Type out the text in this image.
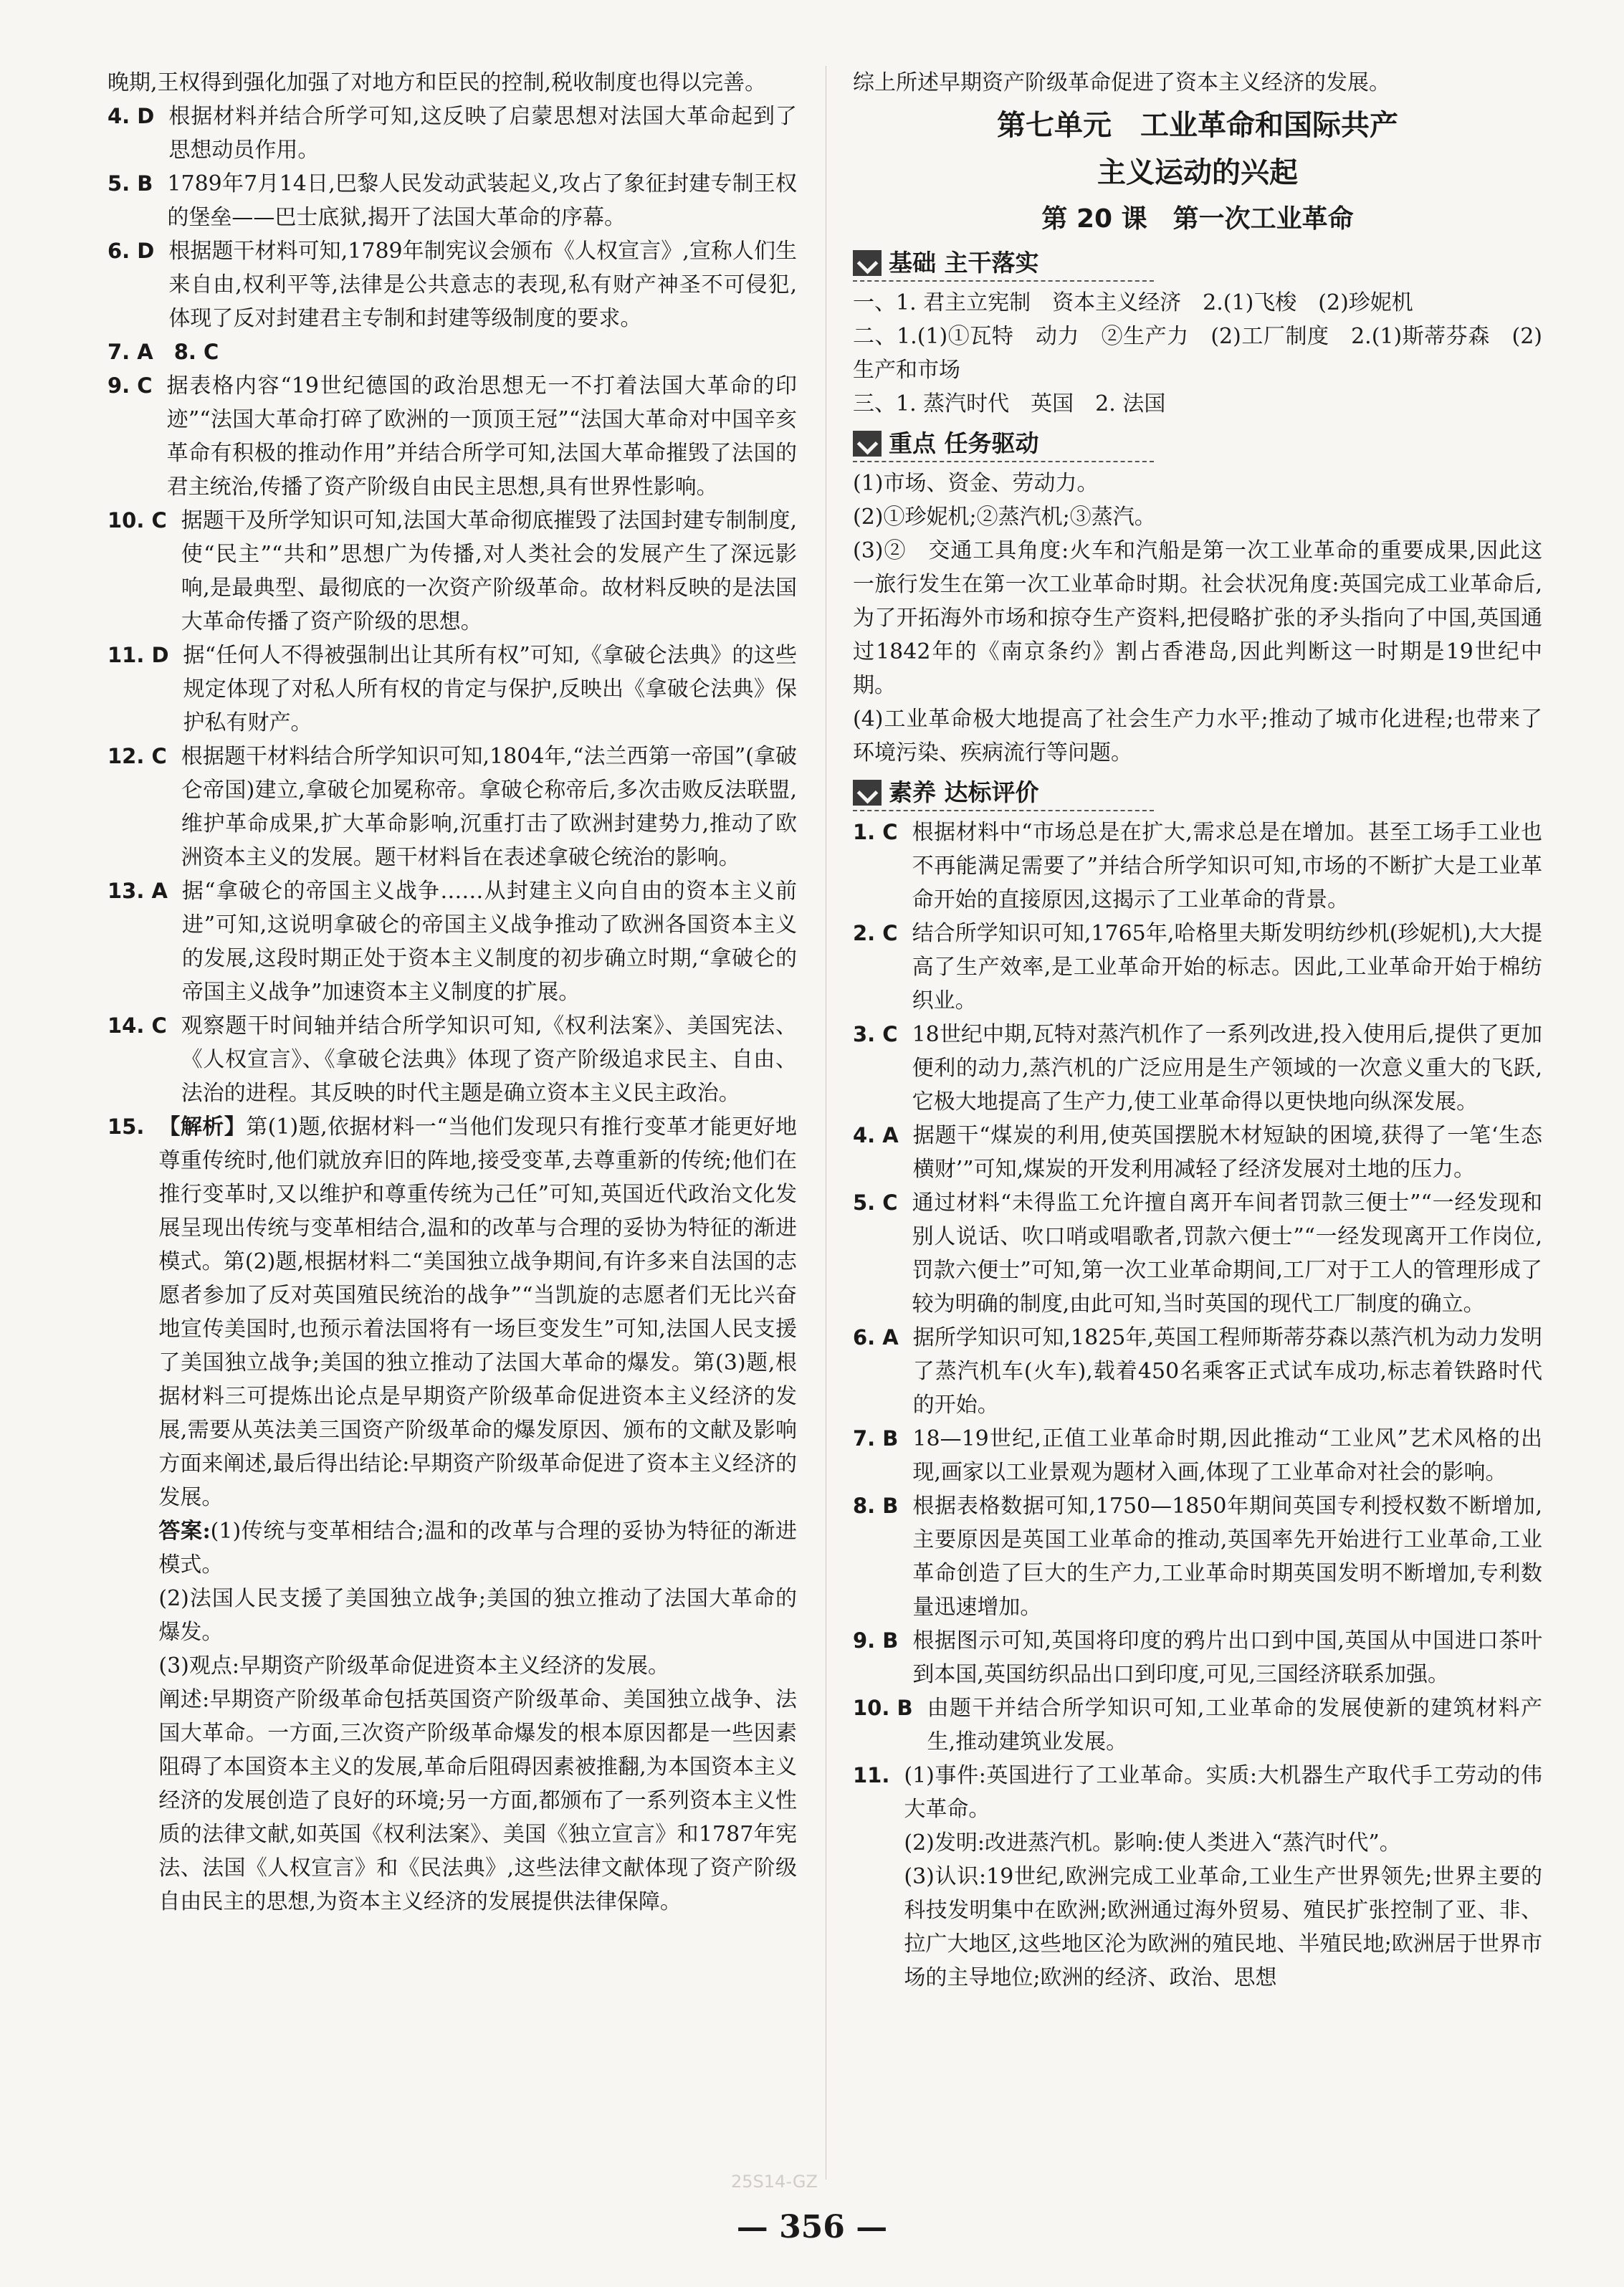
晚期,王权得到强化加强了对地方和臣民的控制,税收制度也得以完善。

4. D 根据材料并结合所学可知,这反映了启蒙思想对法国大革命起到了思想动员作用。
5. B 1789年7月14日,巴黎人民发动武装起义,攻占了象征封建专制王权的堡垒——巴士底狱,揭开了法国大革命的序幕。
6. D 根据题干材料可知,1789年制宪议会颁布《人权宣言》,宣称人们生来自由,权利平等,法律是公共意志的表现,私有财产神圣不可侵犯,体现了反对封建君主专制和封建等级制度的要求。
7. A　8. C
9. C 据表格内容“19世纪德国的政治思想无一不打着法国大革命的印迹”“法国大革命打碎了欧洲的一顶顶王冠”“法国大革命对中国辛亥革命有积极的推动作用”并结合所学可知,法国大革命摧毁了法国的君主统治,传播了资产阶级自由民主思想,具有世界性影响。
10. C 据题干及所学知识可知,法国大革命彻底摧毁了法国封建专制制度,使“民主”“共和”思想广为传播,对人类社会的发展产生了深远影响,是最典型、最彻底的一次资产阶级革命。故材料反映的是法国大革命传播了资产阶级的思想。
11. D 据“任何人不得被强制出让其所有权”可知,《拿破仑法典》的这些规定体现了对私人所有权的肯定与保护,反映出《拿破仑法典》保护私有财产。
12. C 根据题干材料结合所学知识可知,1804年,“法兰西第一帝国”(拿破仑帝国)建立,拿破仑加冕称帝。拿破仑称帝后,多次击败反法联盟,维护革命成果,扩大革命影响,沉重打击了欧洲封建势力,推动了欧洲资本主义的发展。题干材料旨在表述拿破仑统治的影响。
13. A 据“拿破仑的帝国主义战争……从封建主义向自由的资本主义前进”可知,这说明拿破仑的帝国主义战争推动了欧洲各国资本主义的发展,这段时期正处于资本主义制度的初步确立时期,“拿破仑的帝国主义战争”加速资本主义制度的扩展。
14. C 观察题干时间轴并结合所学知识可知,《权利法案》、美国宪法、《人权宣言》、《拿破仑法典》体现了资产阶级追求民主、自由、法治的进程。其反映的时代主题是确立资本主义民主政治。
15. 【解析】第(1)题,依据材料一“当他们发现只有推行变革才能更好地尊重传统时,他们就放弃旧的阵地,接受变革,去尊重新的传统;他们在推行变革时,又以维护和尊重传统为己任”可知,英国近代政治文化发展呈现出传统与变革相结合,温和的改革与合理的妥协为特征的渐进模式。第(2)题,根据材料二“美国独立战争期间,有许多来自法国的志愿者参加了反对英国殖民统治的战争”“当凯旋的志愿者们无比兴奋地宣传美国时,也预示着法国将有一场巨变发生”可知,法国人民支援了美国独立战争;美国的独立推动了法国大革命的爆发。第(3)题,根据材料三可提炼出论点是早期资产阶级革命促进资本主义经济的发展,需要从英法美三国资产阶级革命的爆发原因、颁布的文献及影响方面来阐述,最后得出结论:早期资产阶级革命促进了资本主义经济的发展。

答案:(1)传统与变革相结合;温和的改革与合理的妥协为特征的渐进模式。

(2)法国人民支援了美国独立战争;美国的独立推动了法国大革命的爆发。

(3)观点:早期资产阶级革命促进资本主义经济的发展。

阐述:早期资产阶级革命包括英国资产阶级革命、美国独立战争、法国大革命。一方面,三次资产阶级革命爆发的根本原因都是一些因素阻碍了本国资本主义的发展,革命后阻碍因素被推翻,为本国资本主义经济的发展创造了良好的环境;另一方面,都颁布了一系列资本主义性质的法律文献,如英国《权利法案》、美国《独立宣言》和1787年宪法、法国《人权宣言》和《民法典》,这些法律文献体现了资产阶级自由民主的思想,为资本主义经济的发展提供法律保障。

综上所述早期资产阶级革命促进了资本主义经济的发展。

第七单元　工业革命和国际共产
主义运动的兴起
第 20 课　第一次工业革命
基础 主干落实

一、1. 君主立宪制　资本主义经济　2.(1)飞梭　(2)珍妮机

二、1.(1)①瓦特　动力　②生产力　(2)工厂制度　2.(1)斯蒂芬森　(2)生产和市场

三、1. 蒸汽时代　英国　2. 法国

重点 任务驱动

(1)市场、资金、劳动力。

(2)①珍妮机;②蒸汽机;③蒸汽。

(3)②　交通工具角度:火车和汽船是第一次工业革命的重要成果,因此这一旅行发生在第一次工业革命时期。社会状况角度:英国完成工业革命后,为了开拓海外市场和掠夺生产资料,把侵略扩张的矛头指向了中国,英国通过1842年的《南京条约》割占香港岛,因此判断这一时期是19世纪中期。

(4)工业革命极大地提高了社会生产力水平;推动了城市化进程;也带来了环境污染、疾病流行等问题。

素养 达标评价
1. C 根据材料中“市场总是在扩大,需求总是在增加。甚至工场手工业也不再能满足需要了”并结合所学知识可知,市场的不断扩大是工业革命开始的直接原因,这揭示了工业革命的背景。
2. C 结合所学知识可知,1765年,哈格里夫斯发明纺纱机(珍妮机),大大提高了生产效率,是工业革命开始的标志。因此,工业革命开始于棉纺织业。
3. C 18世纪中期,瓦特对蒸汽机作了一系列改进,投入使用后,提供了更加便利的动力,蒸汽机的广泛应用是生产领域的一次意义重大的飞跃,它极大地提高了生产力,使工业革命得以更快地向纵深发展。
4. A 据题干“煤炭的利用,使英国摆脱木材短缺的困境,获得了一笔‘生态横财’”可知,煤炭的开发利用减轻了经济发展对土地的压力。
5. C 通过材料“未得监工允许擅自离开车间者罚款三便士”“一经发现和别人说话、吹口哨或唱歌者,罚款六便士”“一经发现离开工作岗位,罚款六便士”可知,第一次工业革命期间,工厂对于工人的管理形成了较为明确的制度,由此可知,当时英国的现代工厂制度的确立。
6. A 据所学知识可知,1825年,英国工程师斯蒂芬森以蒸汽机为动力发明了蒸汽机车(火车),载着450名乘客正式试车成功,标志着铁路时代的开始。
7. B 18—19世纪,正值工业革命时期,因此推动“工业风”艺术风格的出现,画家以工业景观为题材入画,体现了工业革命对社会的影响。
8. B 根据表格数据可知,1750—1850年期间英国专利授权数不断增加,主要原因是英国工业革命的推动,英国率先开始进行工业革命,工业革命创造了巨大的生产力,工业革命时期英国发明不断增加,专利数量迅速增加。
9. B 根据图示可知,英国将印度的鸦片出口到中国,英国从中国进口茶叶到本国,英国纺织品出口到印度,可见,三国经济联系加强。
10. B 由题干并结合所学知识可知,工业革命的发展使新的建筑材料产生,推动建筑业发展。
11. (1)事件:英国进行了工业革命。实质:大机器生产取代手工劳动的伟大革命。

(2)发明:改进蒸汽机。影响:使人类进入“蒸汽时代”。

(3)认识:19世纪,欧洲完成工业革命,工业生产世界领先;世界主要的科技发明集中在欧洲;欧洲通过海外贸易、殖民扩张控制了亚、非、拉广大地区,这些地区沦为欧洲的殖民地、半殖民地;欧洲居于世界市场的主导地位;欧洲的经济、政治、思想

25S14-GZ
— 356 —
